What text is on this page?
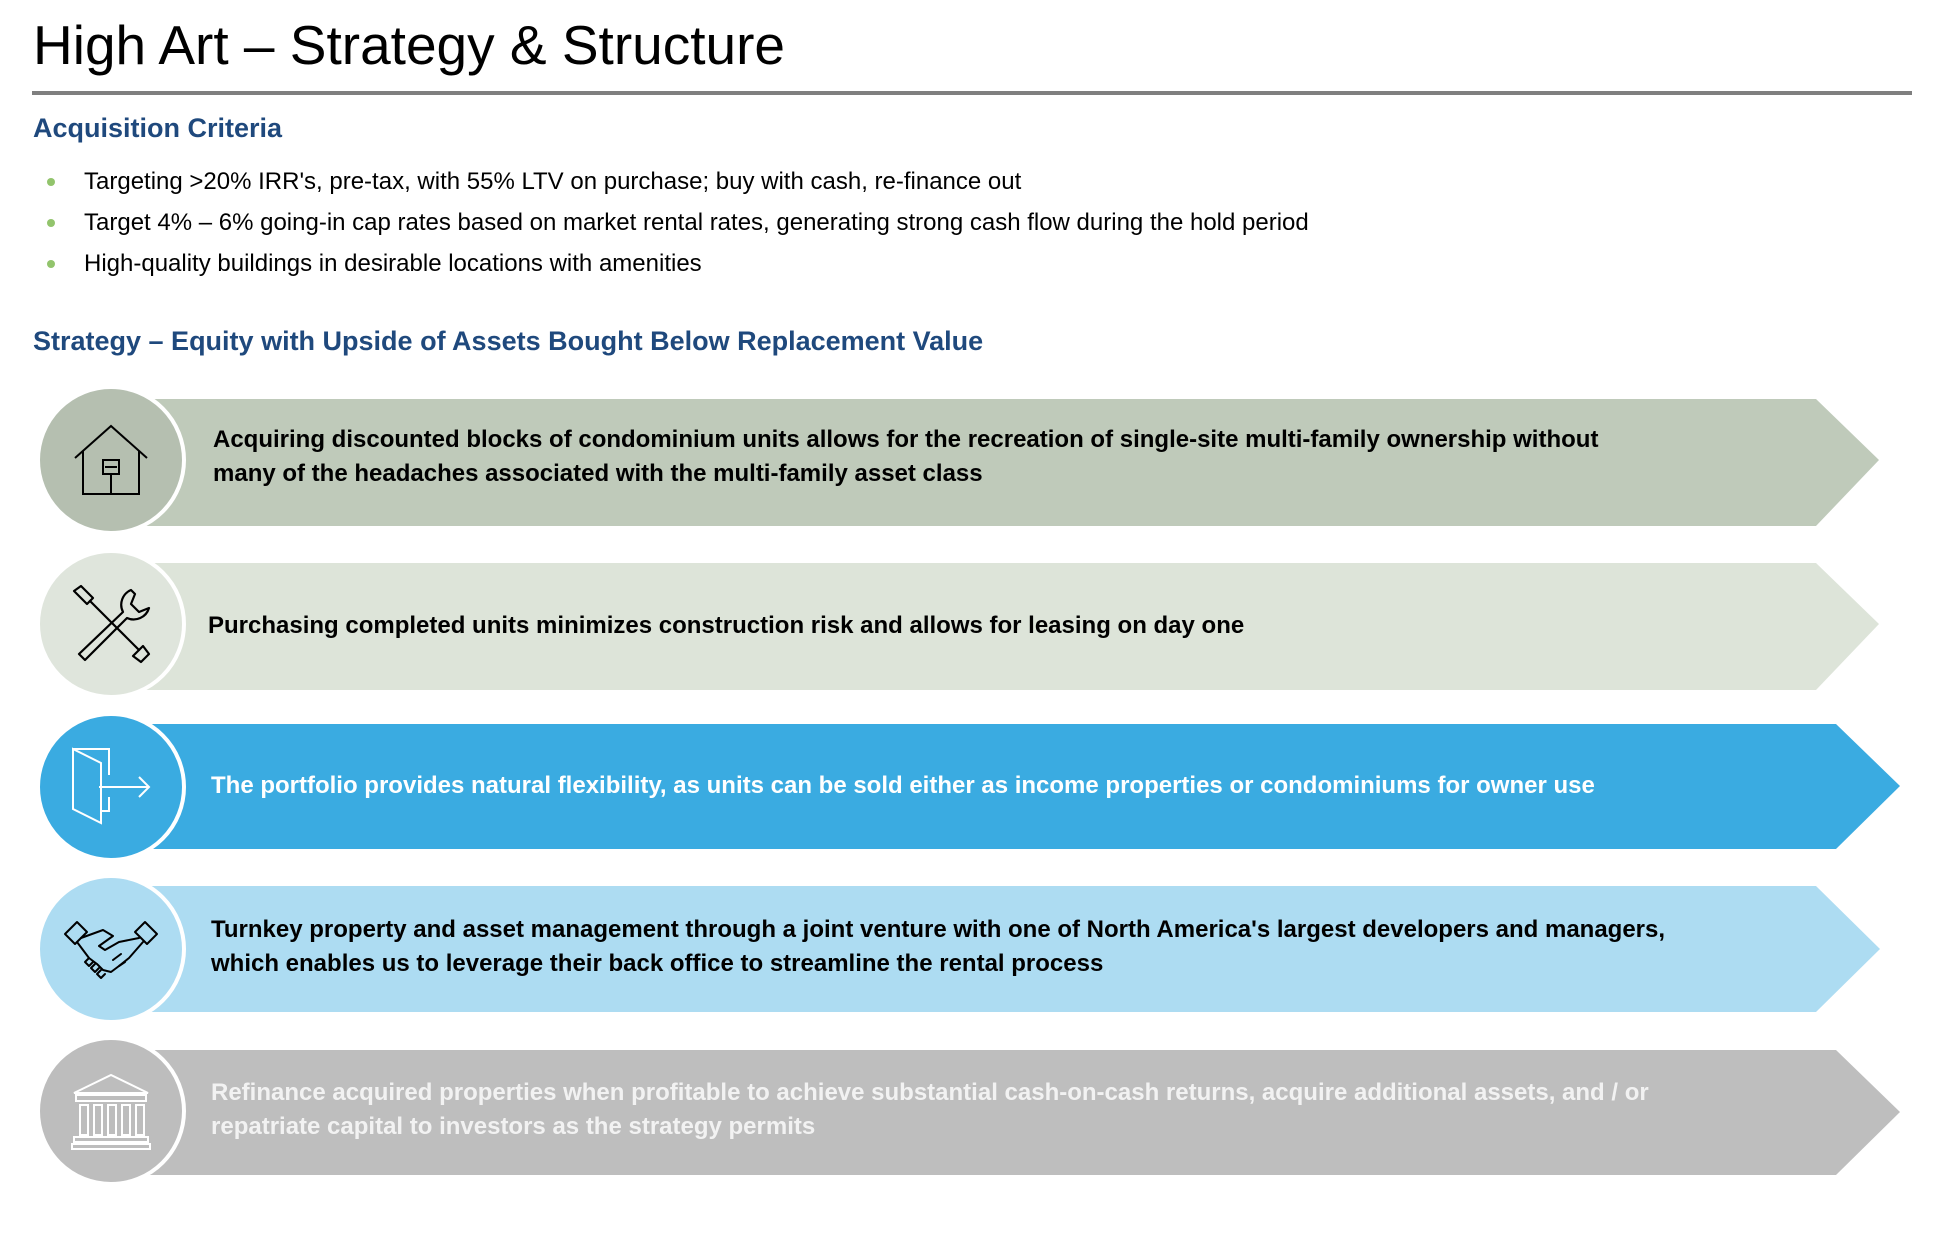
High Art – Strategy & Structure
Acquisition Criteria
Targeting >20% IRR's, pre-tax, with 55% LTV on purchase; buy with cash, re-finance out
Target 4% – 6% going-in cap rates based on market rental rates, generating strong cash flow during the hold period
High-quality buildings in desirable locations with amenities
Strategy – Equity with Upside of Assets Bought Below Replacement Value
Acquiring discounted blocks of condominium units allows for the recreation of single-site multi-family ownership without
many of the headaches associated with the multi-family asset class
Purchasing completed units minimizes construction risk and allows for leasing on day one
The portfolio provides natural flexibility, as units can be sold either as income properties or condominiums for owner use
Turnkey property and asset management through a joint venture with one of North America's largest developers and managers,
which enables us to leverage their back office to streamline the rental process
Refinance acquired properties when profitable to achieve substantial cash-on-cash returns, acquire additional assets, and / or
repatriate capital to investors as the strategy permits
